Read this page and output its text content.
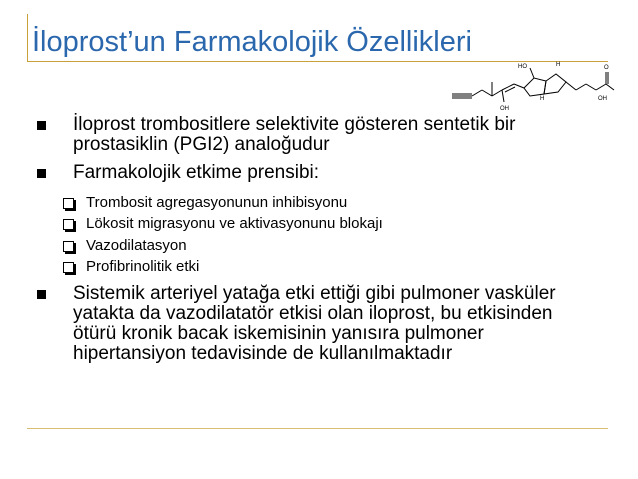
İloprost’un Farmakolojik Özellikleri
HO	H
H
OH
O
OH
İloprost trombositlere selektivite gösteren sentetik bir prostasiklin (PGI2) analoğudur
Farmakolojik etkime prensibi:
Trombosit agregasyonunun inhibisyonu
Lökosit migrasyonu ve aktivasyonunu blokajı
Vazodilatasyon
Profibrinolitik etki
Sistemik arteriyel yatağa etki ettiği gibi pulmoner vasküler yatakta da vazodilatatör etkisi olan iloprost, bu etkisinden ötürü kronik bacak iskemisinin yanısıra pulmoner hipertansiyon tedavisinde de kullanılmaktadır
